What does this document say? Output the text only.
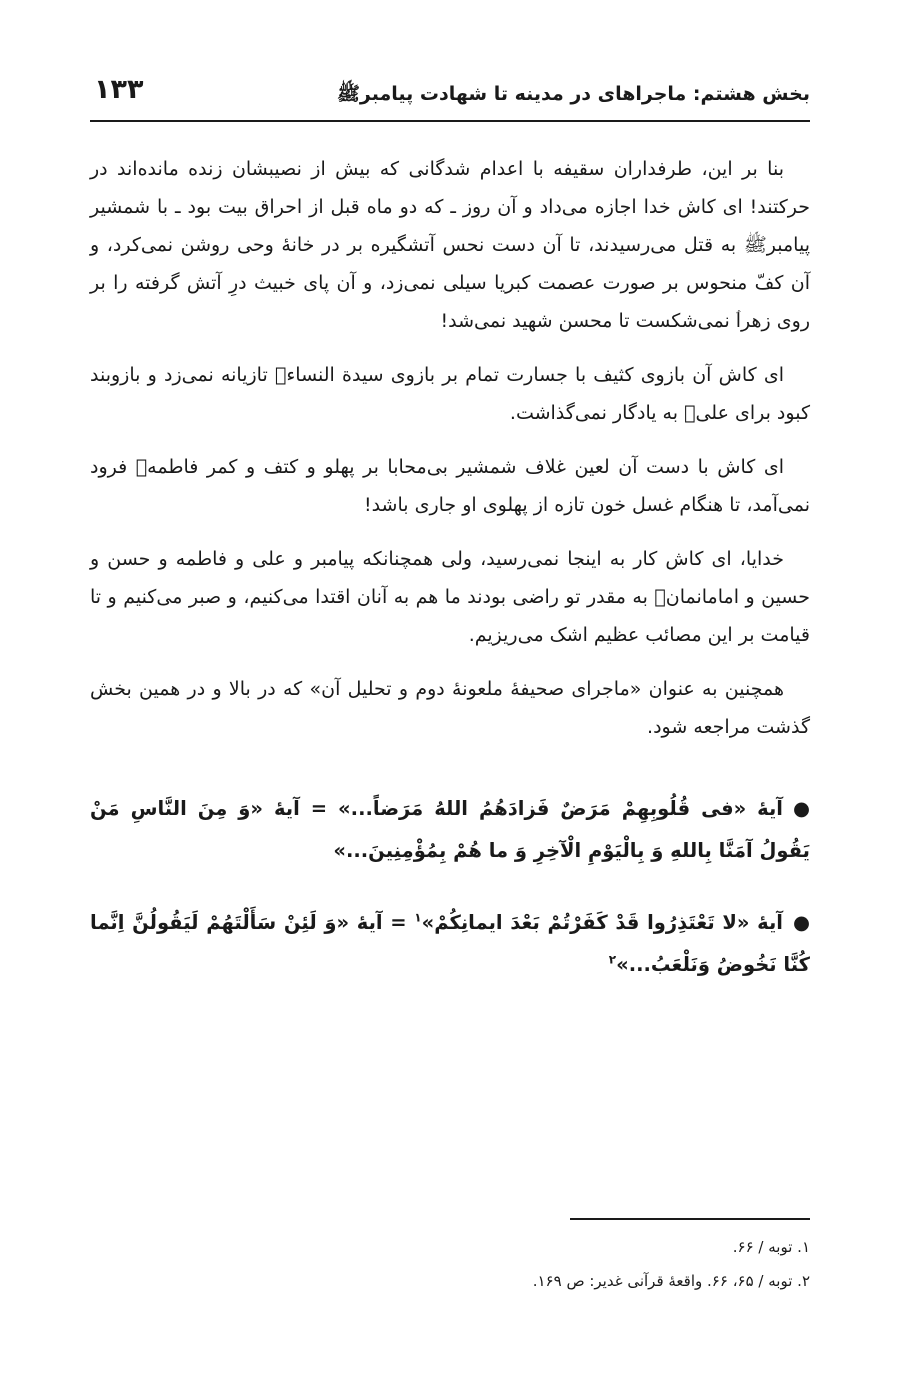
بخش هشتم: ماجراهای در مدینه تا شهادت پیامبرﷺ
۱۳۳

بنا بر این، طرفداران سقیفه با اعدام شدگانی که بیش از نصیبشان زنده مانده‌اند در حرکتند! ای کاش خدا اجازه می‌داد و آن روز ـ که دو ماه قبل از احراق بیت بود ـ با شمشیر پیامبرﷺ به قتل می‌رسیدند، تا آن دست نحس آتشگیره بر در خانهٔ وحی روشن نمی‌کرد، و آن کفّ منحوس بر صورت عصمت کبریا سیلی نمی‌زد، و آن پای خبیث درِ آتش گرفته را بر روی زهرا‌ؑ نمی‌شکست تا محسن شهید نمی‌شد!

ای کاش آن بازوی کثیف با جسارت تمام بر بازوی سیدة النساءؑ تازیانه نمی‌زد و بازوبند کبود برای علیؑ به یادگار نمی‌گذاشت.

ای کاش با دست آن لعین غلاف شمشیر بی‌محابا بر پهلو و کتف و کمر فاطمهؑ فرود نمی‌آمد، تا هنگام غسل خون تازه از پهلوی او جاری باشد!

خدایا، ای کاش کار به اینجا نمی‌رسید، ولی همچنانکه پیامبر و علی و فاطمه و حسن و حسین و امامانمانؑ به مقدر تو راضی بودند ما هم به آنان اقتدا می‌کنیم، و صبر می‌کنیم و تا قیامت بر این مصائب عظیم اشک می‌ریزیم.

همچنین به عنوان «ماجرای صحیفهٔ ملعونهٔ دوم و تحلیل آن» که در بالا و در همین بخش گذشت مراجعه شود.

●آیهٔ «فی قُلُوبِهِمْ مَرَضٌ فَزادَهُمُ اللهُ مَرَضاً...» = آیهٔ «وَ مِنَ النَّاسِ مَنْ یَقُولُ آمَنَّا بِاللهِ وَ بِالْیَوْمِ الْآخِرِ وَ ما هُمْ بِمُؤْمِنِینَ...»

●آیهٔ «لا تَعْتَذِرُوا قَدْ کَفَرْتُمْ بَعْدَ ایمانِکُمْ»$^۱$ = آیهٔ «وَ لَئِنْ سَأَلْتَهُمْ لَیَقُولُنَّ اِنَّما کُنَّا نَخُوضُ وَنَلْعَبُ...»$^۲$

۱. توبه / ۶۶.

۲. توبه / ۶۵، ۶۶. واقعهٔ قرآنی غدیر: ص ۱۶۹.
